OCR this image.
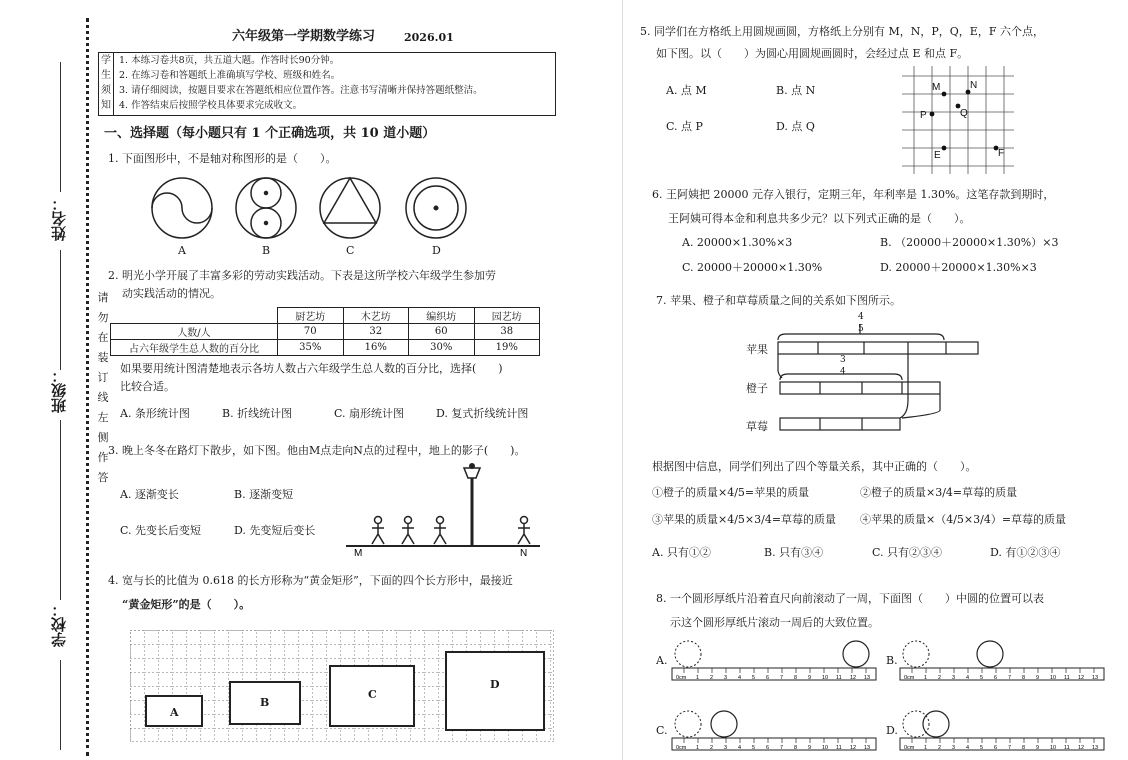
姓名：
班级：
学校：
请
勿
在
装
订
线
左
侧
作
答
六年级第一学期数学练习	2026.01
学
生
须
知
1. 本练习卷共8页，共五道大题。作答时长90分钟。
2. 在练习卷和答题纸上准确填写学校、班级和姓名。
3. 请仔细阅读，按题目要求在答题纸相应位置作答。注意书写清晰并保持答题纸整洁。
4. 作答结束后按照学校具体要求完成收文。
一、选择题（每小题只有 1 个正确选项，共 10 道小题）
1. 下面图形中，不是轴对称图形的是（　　）。
A	B	C	D
2. 明光小学开展了丰富多彩的劳动实践活动。下表是这所学校六年级学生参加劳
动实践活动的情况。
	厨艺坊	木艺坊	编织坊	园艺坊
人数/人	70	32	60	38
占六年级学生总人数的百分比	35%	16%	30%	19%
如果要用统计图清楚地表示各坊人数占六年级学生总人数的百分比，选择(　　)
比较合适。
A. 条形统计图	B. 折线统计图	C. 扇形统计图	D. 复式折线统计图
3. 晚上冬冬在路灯下散步，如下图。他由M点走向N点的过程中，地上的影子(　　)。
A. 逐渐变长	B. 逐渐变短
C. 先变长后变短	D. 先变短后变长
M	N
4. 宽与长的比值为 0.618 的长方形称为“黄金矩形”，下面的四个长方形中，最接近
“黄金矩形”的是（　　）。
A
B
C
D
5. 同学们在方格纸上用圆规画圆，方格纸上分别有 M，N，P，Q，E，F 六个点，
如下图。以（　　）为圆心用圆规画圆时，会经过点 E 和点 F。
A. 点 M	B. 点 N
C. 点 P	D. 点 Q
M	N
P	Q
E	F
6. 王阿姨把 20000 元存入银行，定期三年，年利率是 1.30%。这笔存款到期时，
王阿姨可得本金和利息共多少元？以下列式正确的是（　　）。
A. 20000×1.30%×3	B. （20000＋20000×1.30%）×3
C. 20000＋20000×1.30%	D. 20000＋20000×1.30%×3
7. 苹果、橙子和草莓质量之间的关系如下图所示。
苹果
橙子
草莓
4
5
3
4
根据图中信息，同学们列出了四个等量关系，其中正确的（　　）。
①橙子的质量×4/5=苹果的质量	②橙子的质量×3/4=草莓的质量
③苹果的质量×4/5×3/4=草莓的质量 ④苹果的质量×（4/5×3/4）=草莓的质量
A. 只有①②	B. 只有③④	C. 只有②③④	D. 有①②③④
8. 一个圆形厚纸片沿着直尺向前滚动了一周，下面图（　　）中圆的位置可以表
示这个圆形厚纸片滚动一周后的大致位置。
A.	B.
C.	D.
0cm 1 2 3 4 5 6 7 8 9 10 11 12 13	0cm 1 2 3 4 5 6 7 8 9 10 11 12 13
0cm 1 2 3 4 5 6 7 8 9 10 11 12 13	0cm 1 2 3 4 5 6 7 8 9 10 11 12 13
